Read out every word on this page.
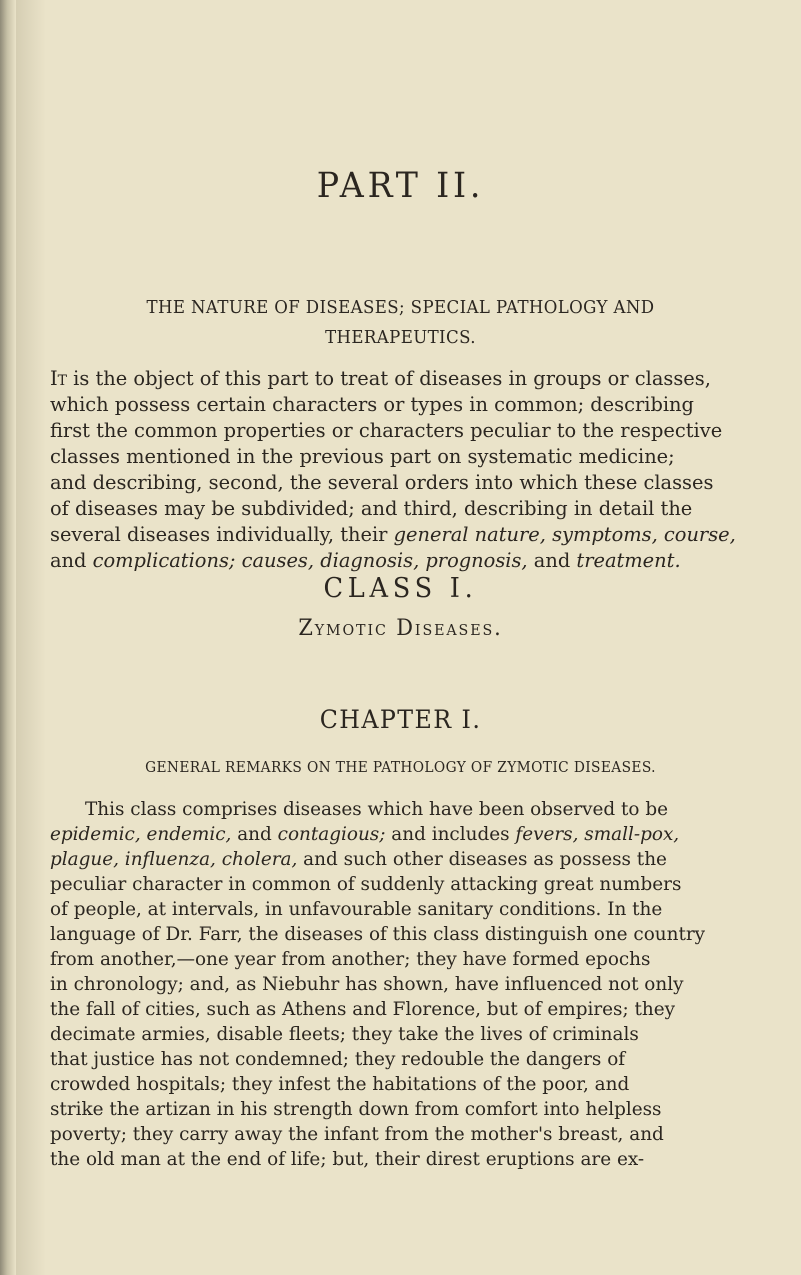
PART II.
THE NATURE OF DISEASES; SPECIAL PATHOLOGY AND
THERAPEUTICS.
It is the object of this part to treat of diseases in groups or classes,
which possess certain characters or types in common; describing
first the common properties or characters peculiar to the respective
classes mentioned in the previous part on systematic medicine;
and describing, second, the several orders into which these classes
of diseases may be subdivided; and third, describing in detail the
several diseases individually, their general nature, symptoms, course,
and complications; causes, diagnosis, prognosis, and treatment.
CLASS I.
Zymotic Diseases.
CHAPTER I.
GENERAL REMARKS ON THE PATHOLOGY OF ZYMOTIC DISEASES.
This class comprises diseases which have been observed to be
epidemic, endemic, and contagious; and includes fevers, small-pox,
plague, influenza, cholera, and such other diseases as possess the
peculiar character in common of suddenly attacking great numbers
of people, at intervals, in unfavourable sanitary conditions. In the
language of Dr. Farr, the diseases of this class distinguish one country
from another,—one year from another; they have formed epochs
in chronology; and, as Niebuhr has shown, have influenced not only
the fall of cities, such as Athens and Florence, but of empires; they
decimate armies, disable fleets; they take the lives of criminals
that justice has not condemned; they redouble the dangers of
crowded hospitals; they infest the habitations of the poor, and
strike the artizan in his strength down from comfort into helpless
poverty; they carry away the infant from the mother's breast, and
the old man at the end of life; but, their direst eruptions are ex-
